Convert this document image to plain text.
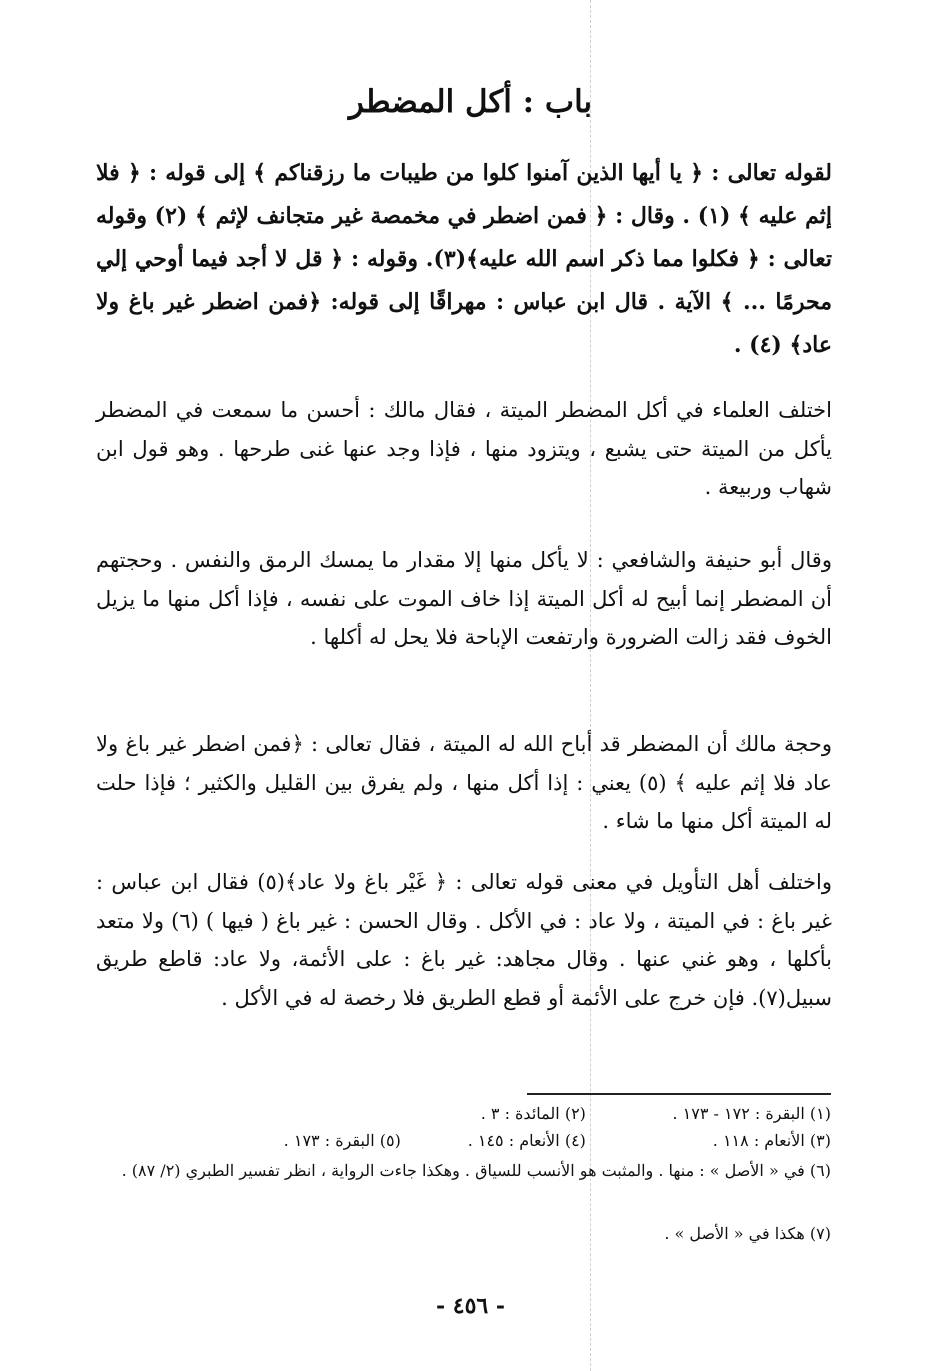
باب : أكل المضطر

لقوله تعالى : ﴿ يا أيها الذين آمنوا كلوا من طيبات ما رزقناكم ﴾ إلى قوله : ﴿ فلا إثم عليه ﴾ (١) . وقال : ﴿ فمن اضطر في مخمصة غير متجانف لإثم ﴾ (٢) وقوله تعالى : ﴿ فكلوا مما ذكر اسم الله عليه﴾(٣). وقوله : ﴿ قل لا أجد فيما أوحي إلي محرمًا ... ﴾ الآية . قال ابن عباس : مهراقًا إلى قوله: ﴿فمن اضطر غير باغ ولا عاد﴾ (٤) .

اختلف العلماء في أكل المضطر الميتة ، فقال مالك : أحسن ما سمعت في المضطر يأكل من الميتة حتى يشبع ، ويتزود منها ، فإذا وجد عنها غنى طرحها . وهو قول ابن شهاب وربيعة .

وقال أبو حنيفة والشافعي : لا يأكل منها إلا مقدار ما يمسك الرمق والنفس . وحجتهم أن المضطر إنما أبيح له أكل الميتة إذا خاف الموت على نفسه ، فإذا أكل منها ما يزيل الخوف فقد زالت الضرورة وارتفعت الإباحة فلا يحل له أكلها .

وحجة مالك أن المضطر قد أباح الله له الميتة ، فقال تعالى : ﴿فمن اضطر غير باغ ولا عاد فلا إثم عليه ﴾ (٥) يعني : إذا أكل منها ، ولم يفرق بين القليل والكثير ؛ فإذا حلت له الميتة أكل منها ما شاء .

واختلف أهل التأويل في معنى قوله تعالى : ﴿ غَيْر باغ ولا عاد﴾(٥) فقال ابن عباس : غير باغ : في الميتة ، ولا عاد : في الأكل . وقال الحسن : غير باغ ( فيها ) (٦) ولا متعد بأكلها ، وهو غني عنها . وقال مجاهد: غير باغ : على الأئمة، ولا عاد: قاطع طريق سبيل(٧). فإن خرج على الأئمة أو قطع الطريق فلا رخصة له في الأكل .

(١) البقرة : ١٧٢ - ١٧٣ . (٢) المائدة : ٣ .
(٣) الأنعام : ١١٨ . (٤) الأنعام : ١٤٥ . (٥) البقرة : ١٧٣ .
(٦) في « الأصل » : منها . والمثبت هو الأنسب للسياق . وهكذا جاءت الرواية ، انظر تفسير الطبري (٢/ ٨٧) .
(٧) هكذا في « الأصل » .
- ٤٥٦ -
